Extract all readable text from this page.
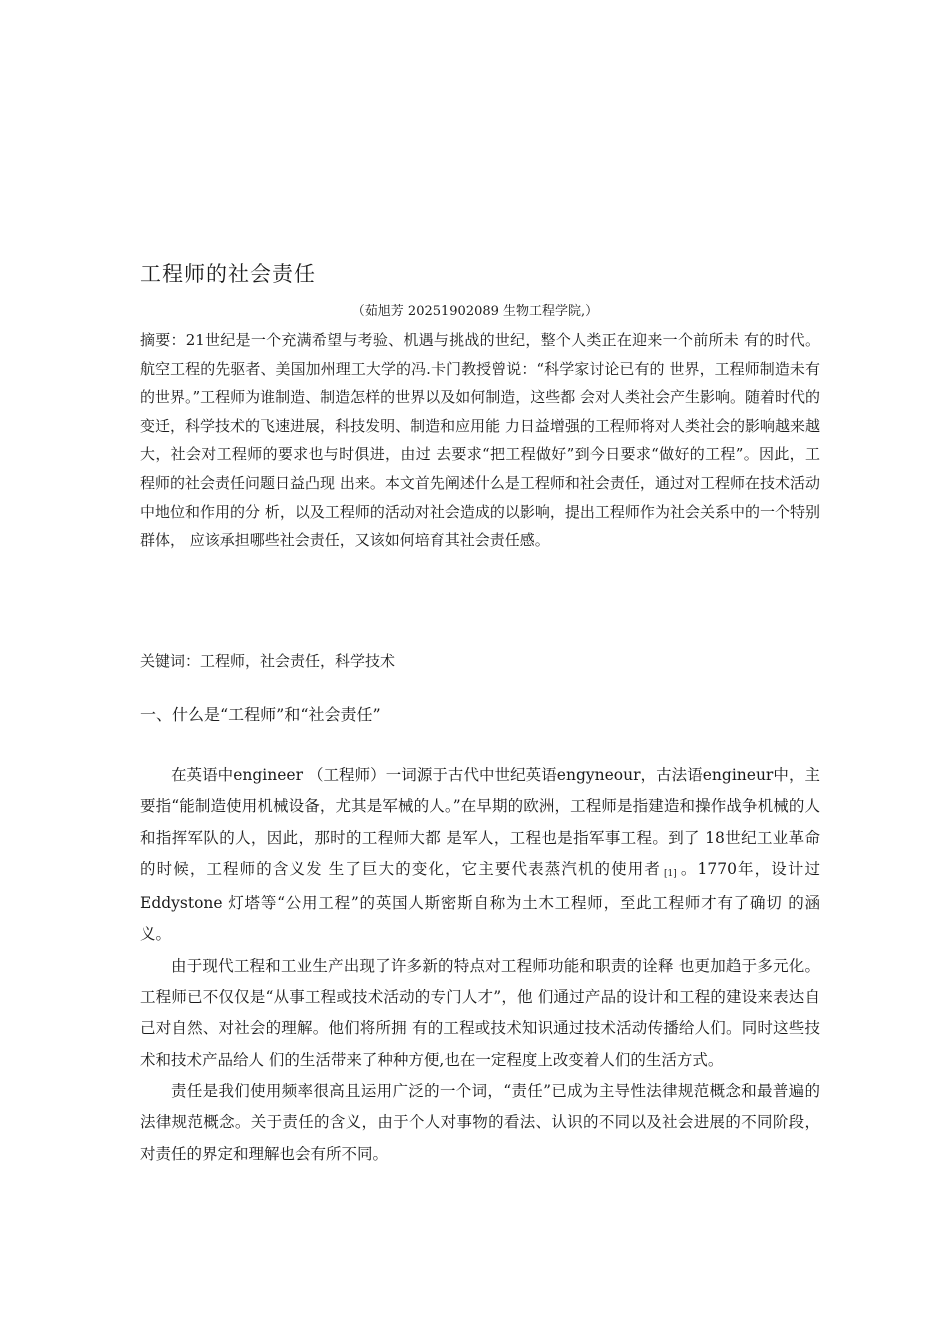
工程师的社会责任
（茹旭芳 20251902089 生物工程学院,）

摘要：21世纪是一个充满希望与考验、机遇与挑战的世纪，整个人类正在迎来一个前所未 有的时代。航空工程的先驱者、美国加州理工大学的冯.卡门教授曾说：“科学家讨论已有的 世界，工程师制造未有的世界。”工程师为谁制造、制造怎样的世界以及如何制造，这些都 会对人类社会产生影响。随着时代的变迁，科学技术的飞速进展，科技发明、制造和应用能 力日益增强的工程师将对人类社会的影响越来越大，社会对工程师的要求也与时俱进，由过 去要求“把工程做好”到今日要求“做好的工程”。因此，工程师的社会责任问题日益凸现 出来。本文首先阐述什么是工程师和社会责任，通过对工程师在技术活动中地位和作用的分 析，以及工程师的活动对社会造成的以影响，提出工程师作为社会关系中的一个特别群体， 应该承担哪些社会责任，又该如何培育其社会责任感。

关键词：工程师，社会责任，科学技术
一、什么是“工程师”和“社会责任”

在英语中engineer （工程师）一词源于古代中世纪英语engyneour，古法语engineur中，主要指“能制造使用机械设备，尤其是军械的人。”在早期的欧洲，工程师是指建造和操作战争机械的人和指挥军队的人，因此，那时的工程师大都 是军人，工程也是指军事工程。到了 18世纪工业革命的时候，工程师的含义发 生了巨大的变化，它主要代表蒸汽机的使用者 [1] 。1770年，设计过Eddystone 灯塔等“公用工程”的英国人斯密斯自称为土木工程师，至此工程师才有了确切 的涵义。

由于现代工程和工业生产出现了许多新的特点对工程师功能和职责的诠释 也更加趋于多元化。工程师已不仅仅是“从事工程或技术活动的专门人才”，他 们通过产品的设计和工程的建设来表达自己对自然、对社会的理解。他们将所拥 有的工程或技术知识通过技术活动传播给人们。同时这些技术和技术产品给人 们的生活带来了种种方便,也在一定程度上改变着人们的生活方式。

责任是我们使用频率很高且运用广泛的一个词，“责任”已成为主导性法律规范概念和最普遍的法律规范概念。关于责任的含义，由于个人对事物的看法、认识的不同以及社会进展的不同阶段，对责任的界定和理解也会有所不同。
